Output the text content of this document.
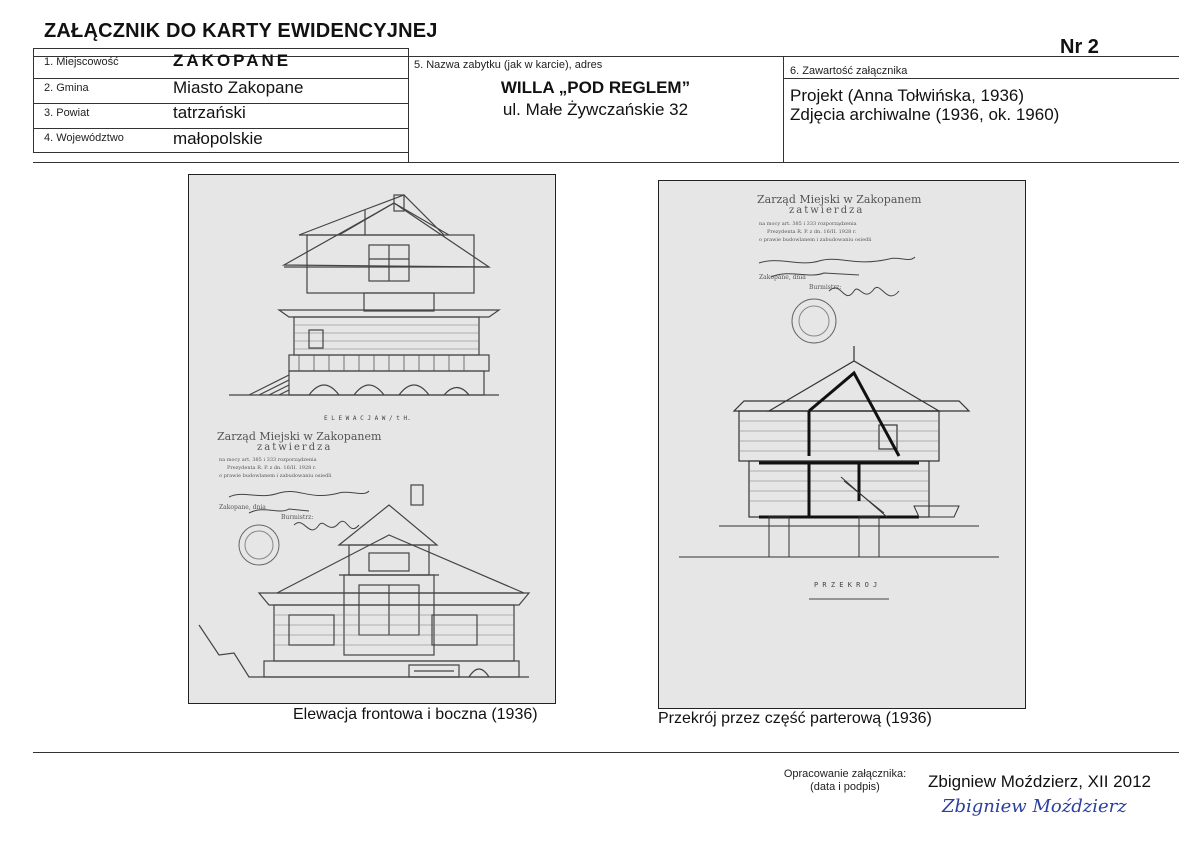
ZAŁĄCZNIK DO KARTY EWIDENCYJNEJ
Nr 2
1. Miejscowość	ZAKOPANE
2. Gmina	Miasto Zakopane
3. Powiat	tatrzański
4. Województwo	małopolskie
5. Nazwa zabytku (jak w karcie), adres
WILLA „POD REGLEM”
ul. Małe Żywczańskie 32
6. Zawartość załącznika
Projekt (Anna Tołwińska, 1936)
Zdjęcia archiwalne (1936, ok. 1960)
E L E W A C J A W / t H.
Zarząd Miejski w Zakopanem
zatwierdza
na mocy art. 385 i 333 rozporządzenia
Prezydenta R. P. z dn. 16/II. 1928 r.
o prawie budowlanem i zabudowaniu osiedli
Zakopane, dnia
Burmistrz:
Elewacja frontowa i boczna (1936)
Zarząd Miejski w Zakopanem
zatwierdza
na mocy art. 385 i 333 rozporządzenia
Prezydenta R. P. z dn. 16/II. 1928 r.
o prawie budowlanem i zabudowaniu osiedli
Zakopane, dnia
Burmistrz:
P R Z E K R O J
Przekrój przez część parterową (1936)
Opracowanie załącznika:
(data i podpis)	Zbigniew Moździerz, XII 2012
Zbigniew Moździerz
